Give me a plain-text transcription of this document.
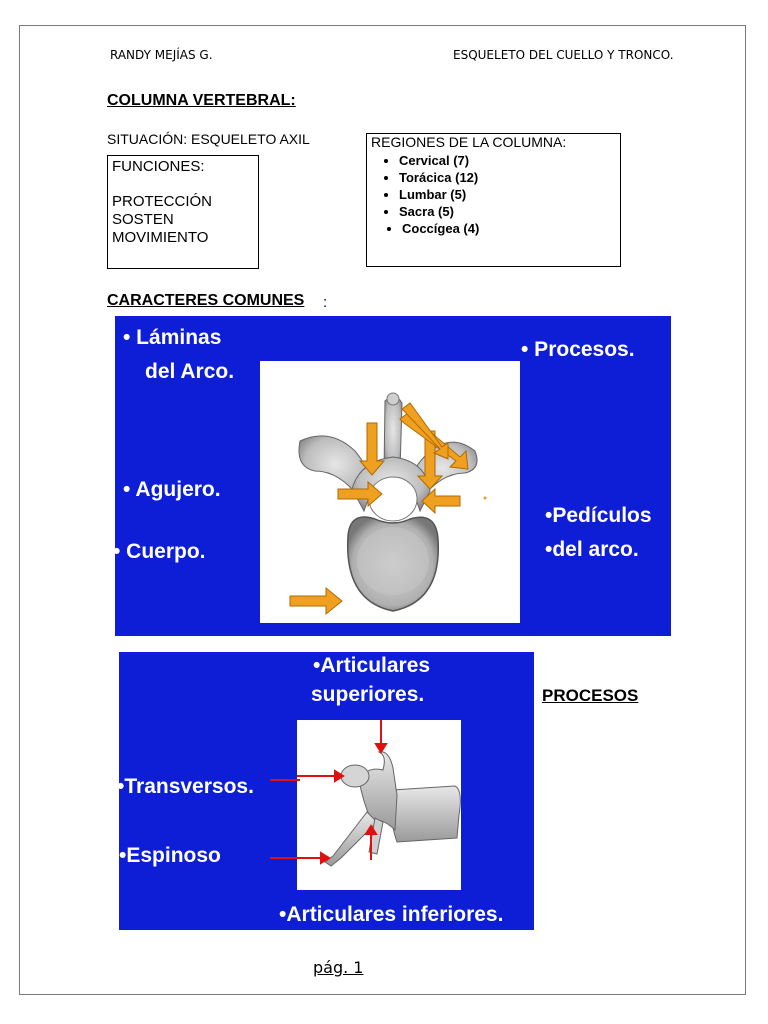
RANDY MEJÍAS G.	ESQUELETO DEL CUELLO Y TRONCO.
COLUMNA VERTEBRAL:
SITUACIÓN: ESQUELETO AXIL
FUNCIONES:
PROTECCIÓN
SOSTEN
MOVIMIENTO
REGIONES DE LA COLUMNA:
• Cervical (7)
• Torácica (12)
• Lumbar (5)
• Sacra (5)
• Coccígea (4)
CARACTERES COMUNES :
• Láminas
del Arco.
• Procesos.
• Agujero.
•Pedículos
•del arco.
• Cuerpo.
•Articulares
superiores.
•Transversos.
•Espinoso
•Articulares inferiores.
PROCESOS
pág. 1
